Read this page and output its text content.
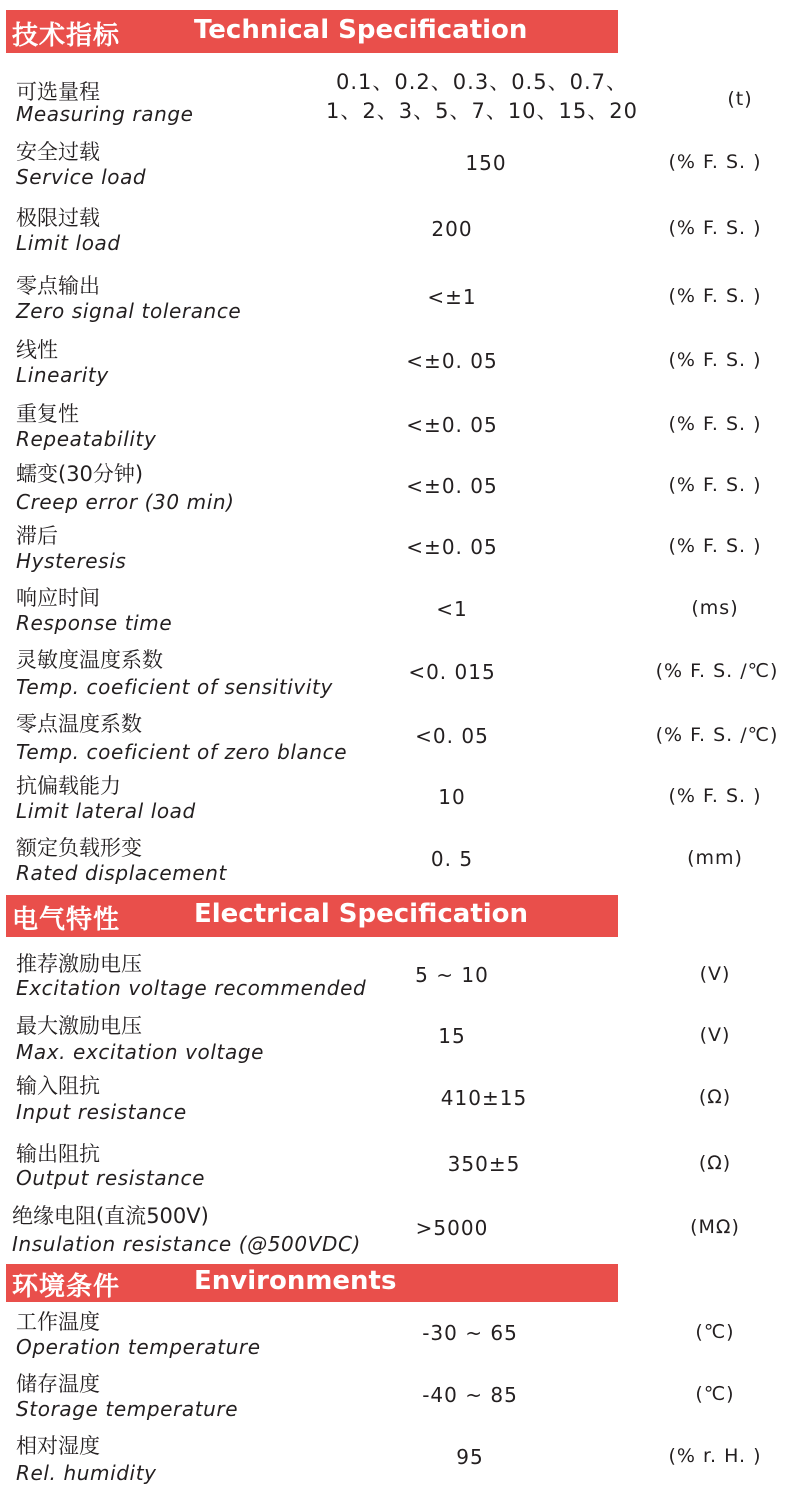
技术指标	Technical Specification
可选量程
Measuring range
0.1、0.2、0.3、0.5、0.7、
1、2、3、5、7、10、15、20	(t)
安全过载
Service load
150	(% F. S. )
极限过载
Limit load
200	(% F. S. )
零点输出
Zero signal tolerance
<±1	(% F. S. )
线性
Linearity
<±0. 05	(% F. S. )
重复性
Repeatability
<±0. 05	(% F. S. )
蠕变(30分钟)
Creep error (30 min)
<±0. 05	(% F. S. )
滞后
Hysteresis
<±0. 05	(% F. S. )
响应时间
Response time
<1	(ms)
灵敏度温度系数
Temp. coeficient of sensitivity
<0. 015	(% F. S. /℃)
零点温度系数
Temp. coeficient of zero blance
<0. 05	(% F. S. /℃)
抗偏载能力
Limit lateral load
10	(% F. S. )
额定负载形变
Rated displacement
0. 5	(mm)
电气特性	Electrical Specification
推荐激励电压
Excitation voltage recommended
5 ~ 10	(V)
最大激励电压
Max. excitation voltage
15	(V)
输入阻抗
Input resistance
410±15	(Ω)
输出阻抗
Output resistance
350±5	(Ω)
绝缘电阻(直流500V)
Insulation resistance (@500VDC)
>5000	(MΩ)
环境条件	Environments
工作温度
Operation temperature
-30 ~ 65	(℃)
储存温度
Storage temperature
-40 ~ 85	(℃)
相对湿度
Rel. humidity
95	(% r. H. )
